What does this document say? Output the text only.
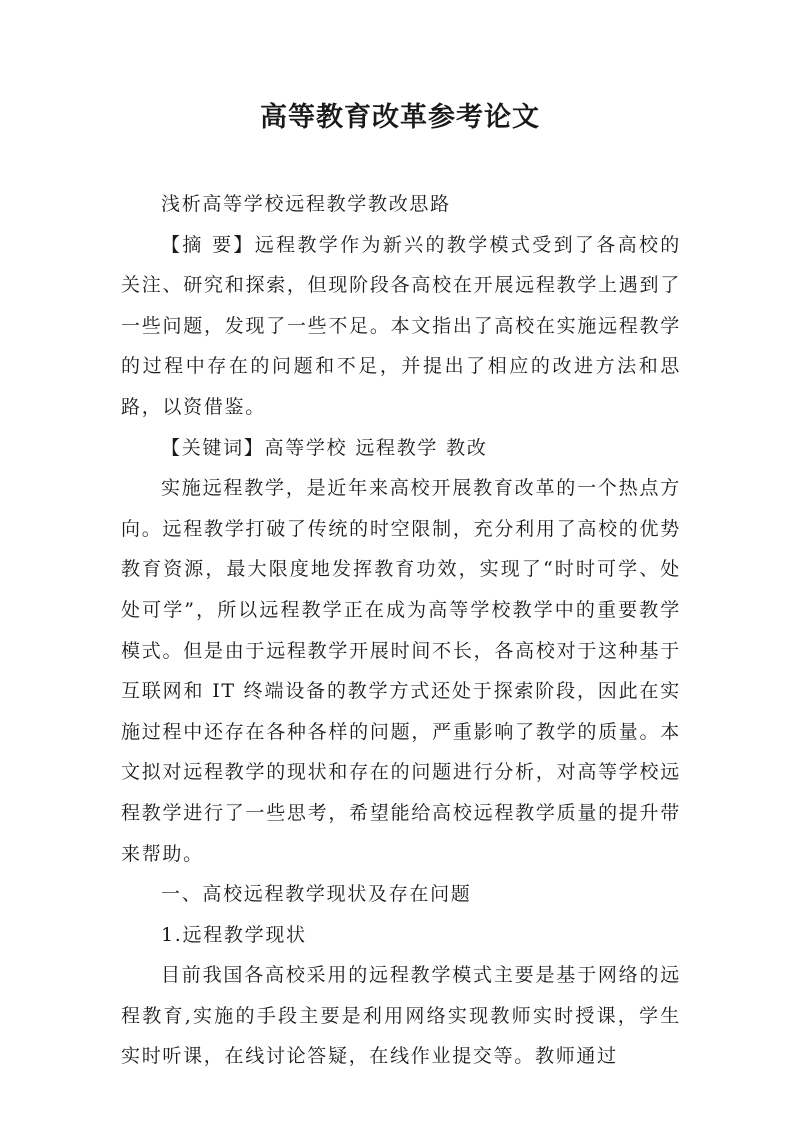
高等教育改革参考论文

浅析高等学校远程教学教改思路

【摘 要】远程教学作为新兴的教学模式受到了各高校的关注、研究和探索，但现阶段各高校在开展远程教学上遇到了一些问题，发现了一些不足。本文指出了高校在实施远程教学的过程中存在的问题和不足，并提出了相应的改进方法和思路，以资借鉴。

【关键词】高等学校 远程教学 教改

实施远程教学，是近年来高校开展教育改革的一个热点方向。远程教学打破了传统的时空限制，充分利用了高校的优势教育资源，最大限度地发挥教育功效，实现了“时时可学、处处可学”，所以远程教学正在成为高等学校教学中的重要教学模式。但是由于远程教学开展时间不长，各高校对于这种基于互联网和 IT 终端设备的教学方式还处于探索阶段，因此在实施过程中还存在各种各样的问题，严重影响了教学的质量。本文拟对远程教学的现状和存在的问题进行分析，对高等学校远程教学进行了一些思考，希望能给高校远程教学质量的提升带来帮助。

一、高校远程教学现状及存在问题

1.远程教学现状

目前我国各高校采用的远程教学模式主要是基于网络的远程教育,实施的手段主要是利用网络实现教师实时授课，学生实时听课，在线讨论答疑，在线作业提交等。教师通过
